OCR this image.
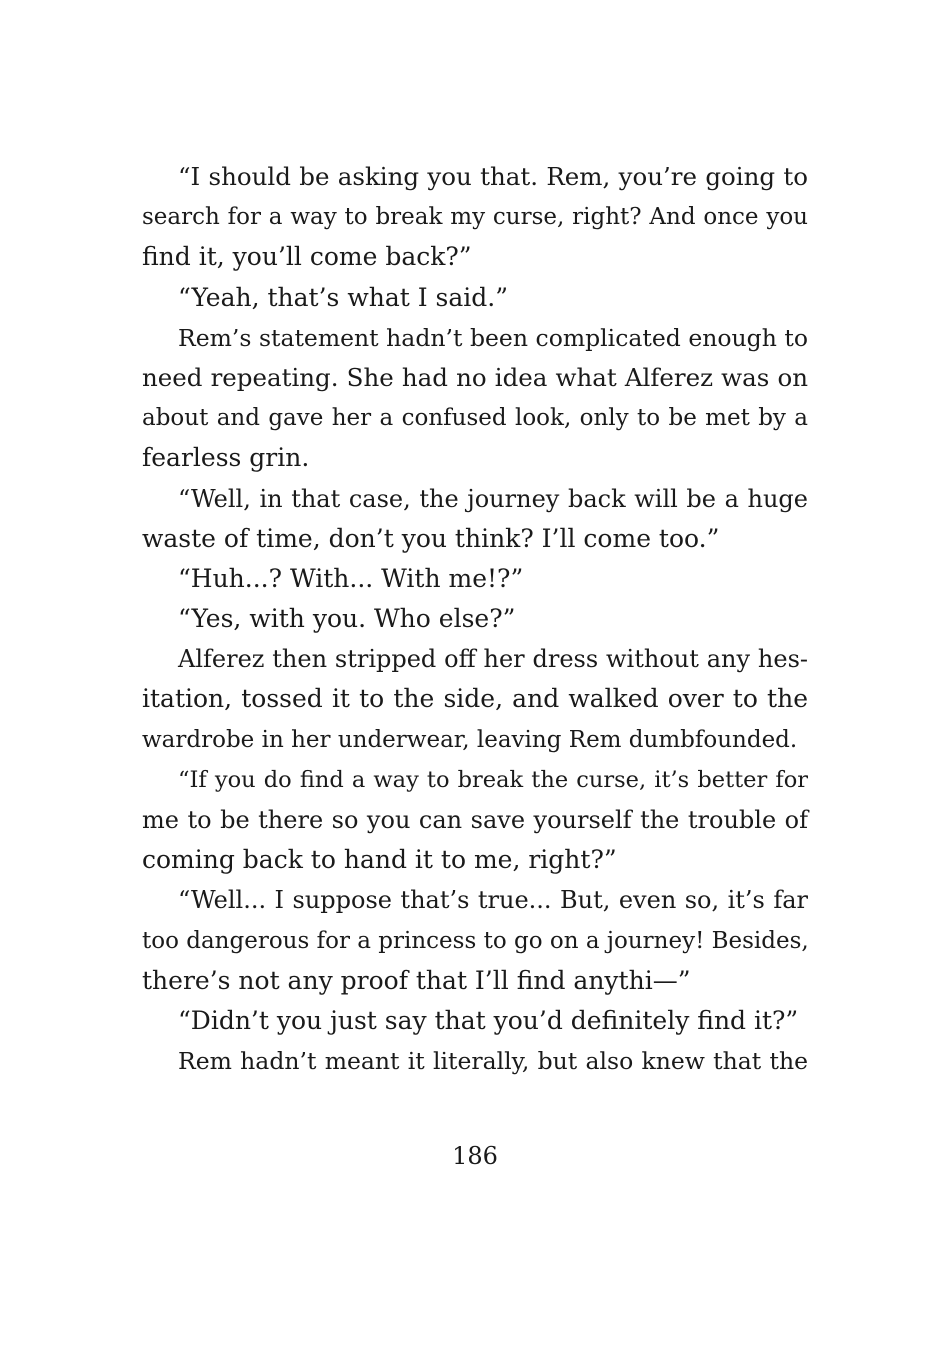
“I should be asking you that. Rem, you’re going to
search for a way to break my curse, right? And once you
find it, you’ll come back?”
“Yeah, that’s what I said.”
Rem’s statement hadn’t been complicated enough to
need repeating. She had no idea what Alferez was on
about and gave her a confused look, only to be met by a
fearless grin.
“Well, in that case, the journey back will be a huge
waste of time, don’t you think? I’ll come too.”
“Huh...? With... With me!?”
“Yes, with you. Who else?”
Alferez then stripped off her dress without any hes-
itation, tossed it to the side, and walked over to the
wardrobe in her underwear, leaving Rem dumbfounded.
“If you do find a way to break the curse, it’s better for
me to be there so you can save yourself the trouble of
coming back to hand it to me, right?”
“Well... I suppose that’s true... But, even so, it’s far
too dangerous for a princess to go on a journey! Besides,
there’s not any proof that I’ll find anythi—”
“Didn’t you just say that you’d definitely find it?”
Rem hadn’t meant it literally, but also knew that the
186
